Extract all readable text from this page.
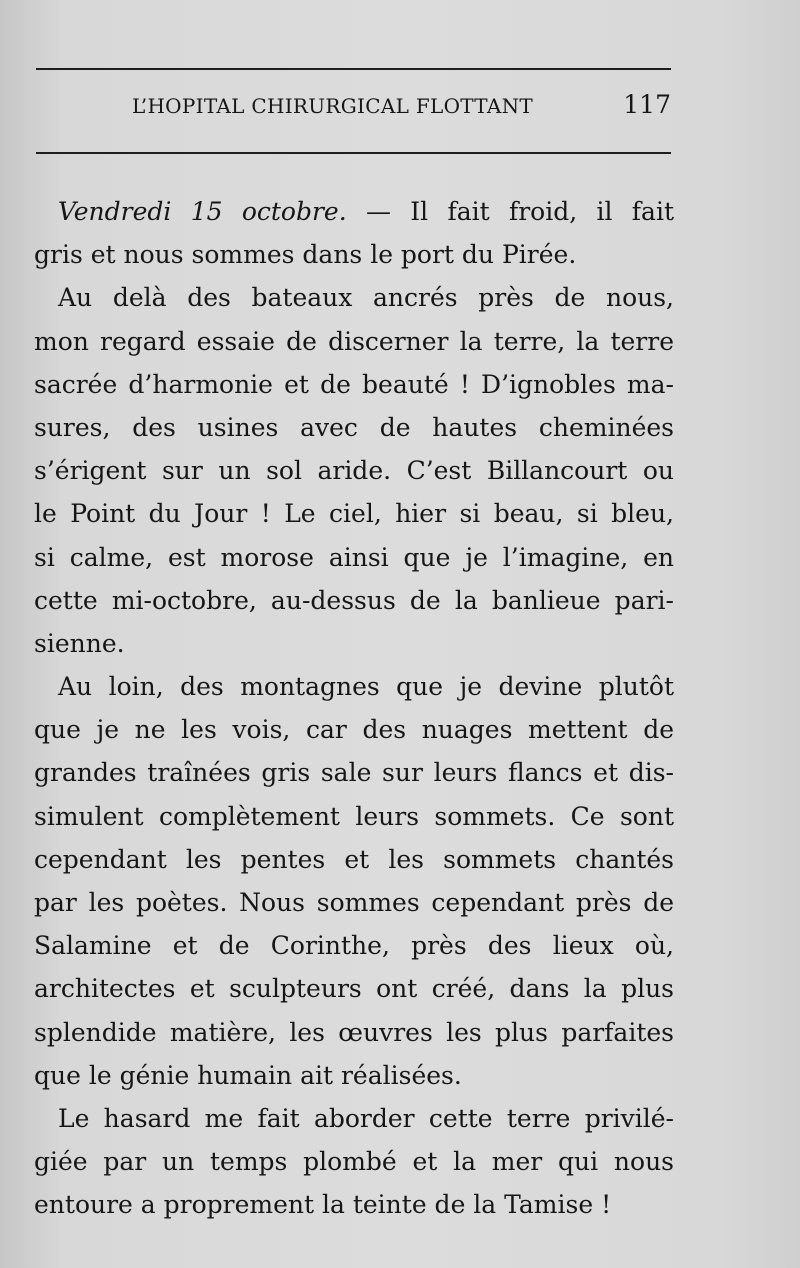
L’HOPITAL CHIRURGICAL FLOTTANT	117
Vendredi 15 octobre. — Il fait froid, il fait
gris et nous sommes dans le port du Pirée.
Au delà des bateaux ancrés près de nous,
mon regard essaie de discerner la terre, la terre
sacrée d’harmonie et de beauté ! D’ignobles ma-
sures, des usines avec de hautes cheminées
s’érigent sur un sol aride. C’est Billancourt ou
le Point du Jour ! Le ciel, hier si beau, si bleu,
si calme, est morose ainsi que je l’imagine, en
cette mi-octobre, au-dessus de la banlieue pari-
sienne.
Au loin, des montagnes que je devine plutôt
que je ne les vois, car des nuages mettent de
grandes traînées gris sale sur leurs flancs et dis-
simulent complètement leurs sommets. Ce sont
cependant les pentes et les sommets chantés
par les poètes. Nous sommes cependant près de
Salamine et de Corinthe, près des lieux où,
architectes et sculpteurs ont créé, dans la plus
splendide matière, les œuvres les plus parfaites
que le génie humain ait réalisées.
Le hasard me fait aborder cette terre privilé-
giée par un temps plombé et la mer qui nous
entoure a proprement la teinte de la Tamise !
